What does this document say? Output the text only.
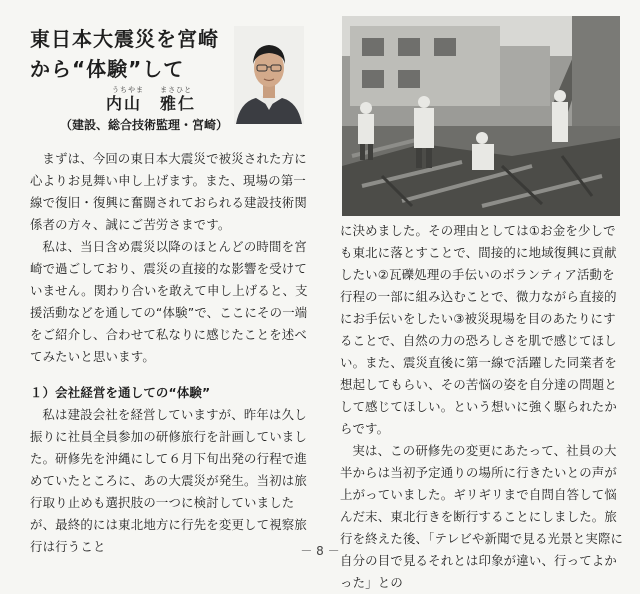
東日本大震災を宮崎
から“体験”して
うちやま まさひと
内山　雅仁
（建設、総合技術監理・宮崎）

まずは、今回の東日本大震災で被災された方に心よりお見舞い申し上げます。また、現場の第一線で復旧・復興に奮闘されておられる建設技術関係者の方々、誠にご苦労さまです。

私は、当日含め震災以降のほとんどの時間を宮崎で過ごしており、震災の直接的な影響を受けていません。関わり合いを敢えて申し上げると、支援活動などを通しての“体験”で、ここにその一端をご紹介し、合わせて私なりに感じたことを述べてみたいと思います。

１）会社経営を通しての“体験”

私は建設会社を経営していますが、昨年は久し振りに社員全員参加の研修旅行を計画していました。研修先を沖縄にして６月下旬出発の行程で進めていたところに、あの大震災が発生。当初は旅行取り止めも選択肢の一つに検討していましたが、最終的には東北地方に行先を変更して視察旅行は行うこと

に決めました。その理由としては①お金を少しでも東北に落とすことで、間接的に地域復興に貢献したい②瓦礫処理の手伝いのボランティア活動を行程の一部に組み込むことで、微力ながら直接的にお手伝いをしたい③被災現場を目のあたりにすることで、自然の力の恐ろしさを肌で感じてほしい。また、震災直後に第一線で活躍した同業者を想起してもらい、その苦悩の姿を自分達の問題として感じてほしい。という想いに強く駆られたからです。

実は、この研修先の変更にあたって、社員の大半からは当初予定通りの場所に行きたいとの声が上がっていました。ギリギリまで自問自答して悩んだ末、東北行きを断行することにしました。旅行を終えた後、「テレビや新聞で見る光景と実際に自分の目で見るそれとは印象が違い、行ってよかった」との

－ 8 －
